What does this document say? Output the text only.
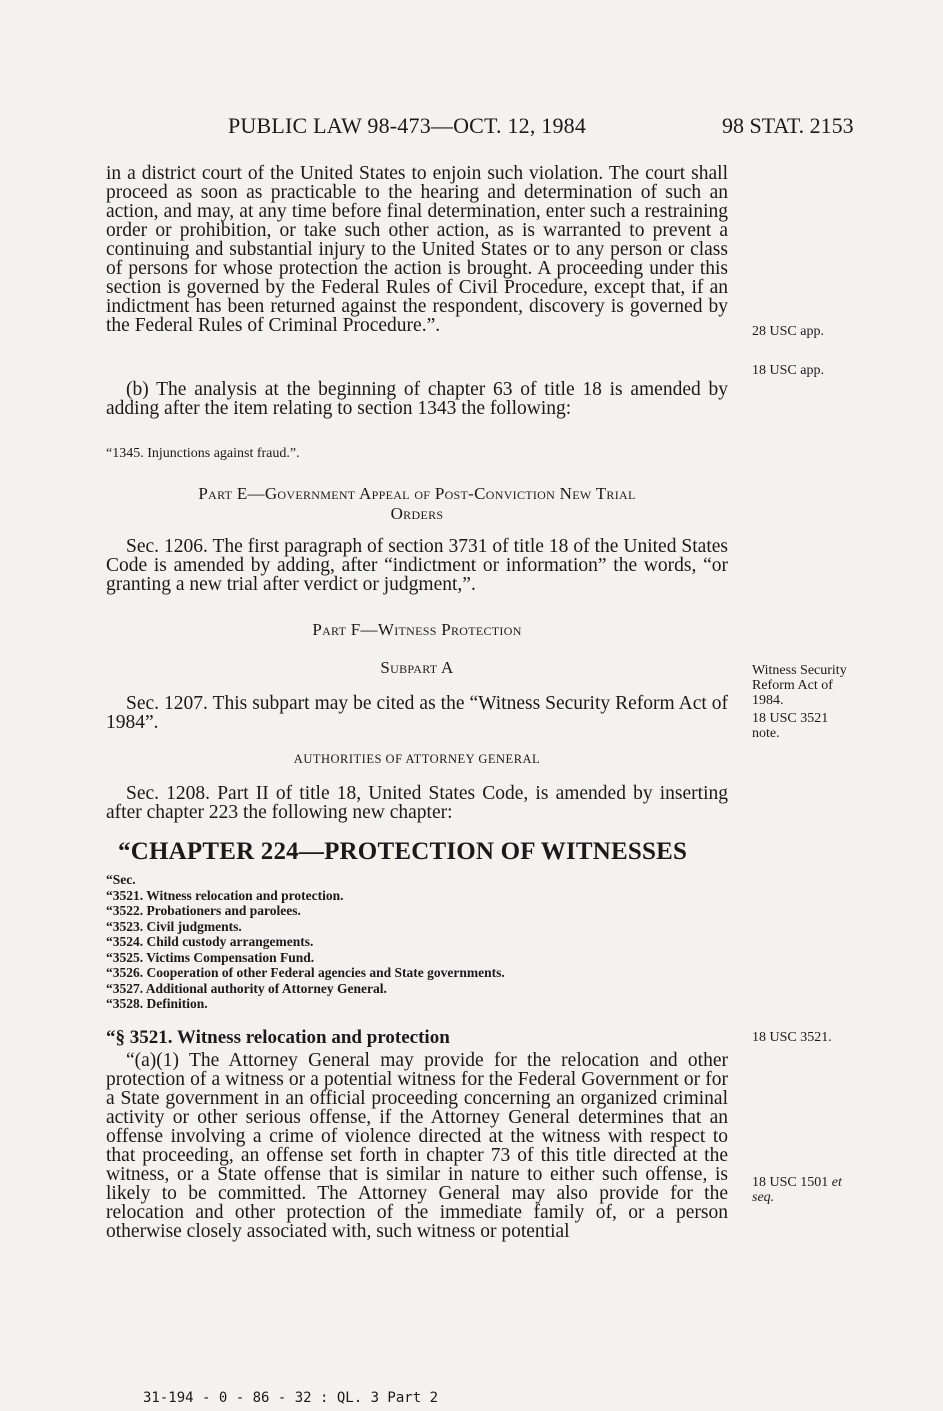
PUBLIC LAW 98-473—OCT. 12, 1984	98 STAT. 2153

in a district court of the United States to enjoin such violation. The court shall proceed as soon as practicable to the hearing and determination of such an action, and may, at any time before final determination, enter such a restraining order or prohibition, or take such other action, as is warranted to prevent a continuing and substantial injury to the United States or to any person or class of persons for whose protection the action is brought. A proceeding under this section is governed by the Federal Rules of Civil Procedure, except that, if an indictment has been returned against the respondent, discovery is governed by the Federal Rules of Criminal Procedure.”.

(b) The analysis at the beginning of chapter 63 of title 18 is amended by adding after the item relating to section 1343 the following:

“1345. Injunctions against fraud.”.

Part E—Government Appeal of Post-Conviction New Trial
Orders

Sec. 1206. The first paragraph of section 3731 of title 18 of the United States Code is amended by adding, after “indictment or information” the words, “or granting a new trial after verdict or judgment,”.

Part F—Witness Protection
Subpart A

Sec. 1207. This subpart may be cited as the “Witness Security Reform Act of 1984”.

AUTHORITIES OF ATTORNEY GENERAL

Sec. 1208. Part II of title 18, United States Code, is amended by inserting after chapter 223 the following new chapter:

“CHAPTER 224—PROTECTION OF WITNESSES

“Sec.

“3521. Witness relocation and protection.

“3522. Probationers and parolees.

“3523. Civil judgments.

“3524. Child custody arrangements.

“3525. Victims Compensation Fund.

“3526. Cooperation of other Federal agencies and State governments.

“3527. Additional authority of Attorney General.

“3528. Definition.

“§ 3521. Witness relocation and protection

“(a)(1) The Attorney General may provide for the relocation and other protection of a witness or a potential witness for the Federal Government or for a State government in an official proceeding concerning an organized criminal activity or other serious offense, if the Attorney General determines that an offense involving a crime of violence directed at the witness with respect to that proceeding, an offense set forth in chapter 73 of this title directed at the witness, or a State offense that is similar in nature to either such offense, is likely to be committed. The Attorney General may also provide for the relocation and other protection of the immediate family of, or a person otherwise closely associated with, such witness or potential

28 USC app.
18 USC app.
Witness Security
Reform Act of
1984.
18 USC 3521
note.
18 USC 3521.
18 USC 1501 et
seq.
31-194 - 0 - 86 - 32 : QL. 3 Part 2
